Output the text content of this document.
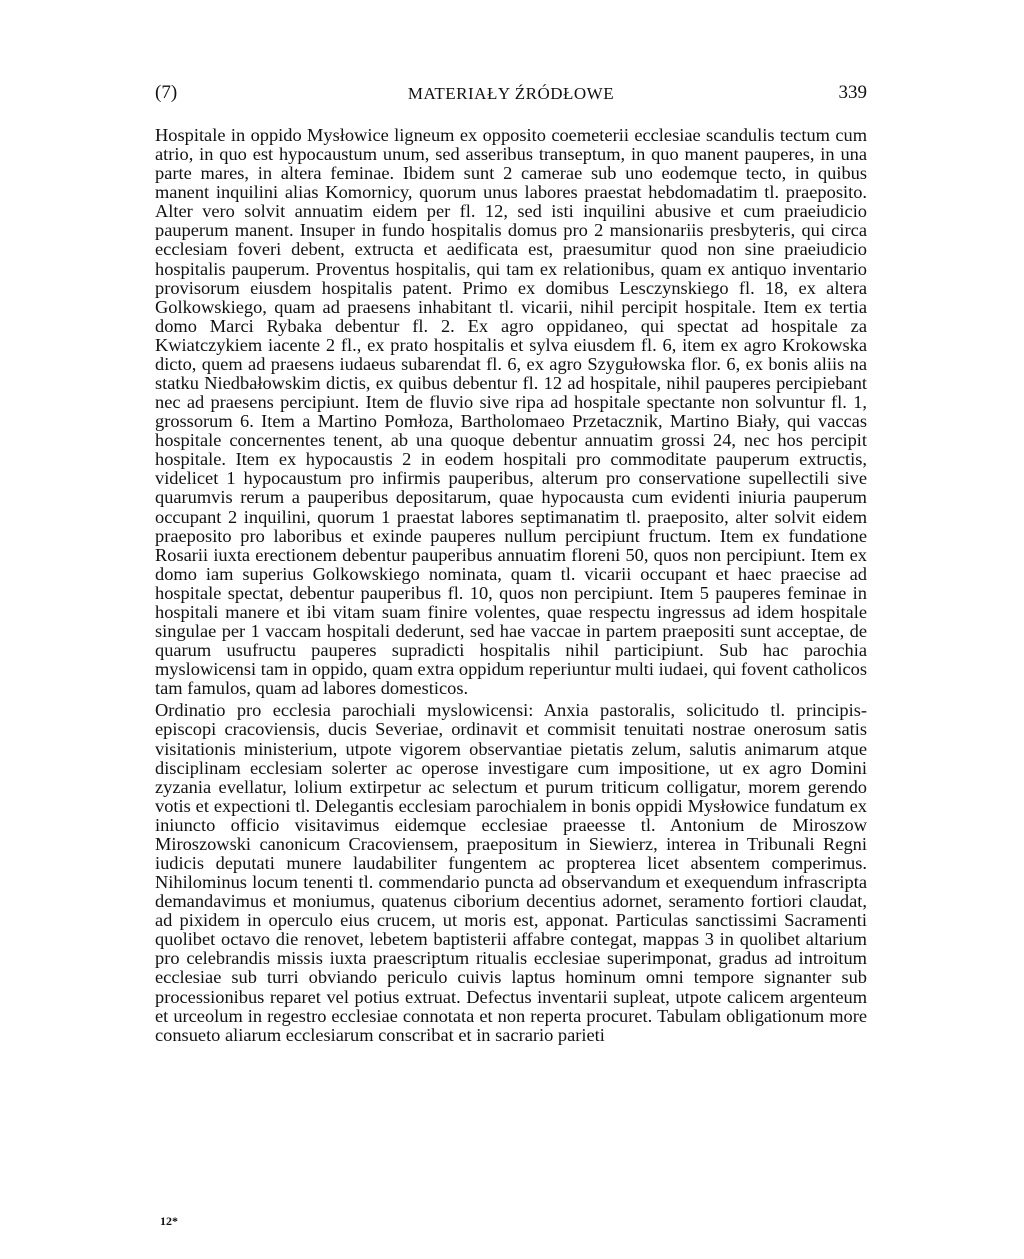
(7)	MATERIAŁY ŹRÓDŁOWE	339

Hospitale in oppido Mysłowice ligneum ex opposito coemeterii ecclesiae scandulis tectum cum atrio, in quo est hypocaustum unum, sed asseribus transeptum, in quo manent pauperes, in una parte mares, in altera feminae. Ibidem sunt 2 camerae sub uno eodemque tecto, in quibus manent inquilini alias Komornicy, quorum unus labores praestat hebdomadatim tl. praeposito. Alter vero solvit annuatim eidem per fl. 12, sed isti inquilini abusive et cum praeiudicio pauperum manent. Insuper in fundo hospitalis domus pro 2 mansionariis presbyteris, qui circa ecclesiam foveri debent, extructa et aedificata est, praesumitur quod non sine praeiudicio hospitalis pauperum. Proventus hospitalis, qui tam ex relationibus, quam ex antiquo inventario provisorum eiusdem hospitalis patent. Primo ex domibus Lesczynskiego fl. 18, ex altera Golkowskiego, quam ad praesens inhabitant tl. vicarii, nihil percipit hospitale. Item ex tertia domo Marci Rybaka debentur fl. 2. Ex agro oppidaneo, qui spectat ad hospitale za Kwiatczykiem iacente 2 fl., ex prato hospitalis et sylva eiusdem fl. 6, item ex agro Krokowska dicto, quem ad praesens iudaeus subarendat fl. 6, ex agro Szygułowska flor. 6, ex bonis aliis na statku Niedbałowskim dictis, ex quibus debentur fl. 12 ad hospitale, nihil pauperes percipiebant nec ad praesens percipiunt. Item de fluvio sive ripa ad hospitale spectante non solvuntur fl. 1, grossorum 6. Item a Martino Pomłoza, Bartholomaeo Przetacznik, Martino Biały, qui vaccas hospitale concernentes tenent, ab una quoque debentur annuatim grossi 24, nec hos percipit hospitale. Item ex hypocaustis 2 in eodem hospitali pro commoditate pauperum extructis, videlicet 1 hypocaustum pro infirmis pauperibus, alterum pro conservatione supellectili sive quarumvis rerum a pauperibus depositarum, quae hypocausta cum evidenti iniuria pauperum occupant 2 inquilini, quorum 1 praestat labores septimanatim tl. praeposito, alter solvit eidem praeposito pro laboribus et exinde pauperes nullum percipiunt fructum. Item ex fundatione Rosarii iuxta erectionem debentur pauperibus annuatim floreni 50, quos non percipiunt. Item ex domo iam superius Golkowskiego nominata, quam tl. vicarii occupant et haec praecise ad hospitale spectat, debentur pauperibus fl. 10, quos non percipiunt. Item 5 pauperes feminae in hospitali manere et ibi vitam suam finire volentes, quae respectu ingressus ad idem hospitale singulae per 1 vaccam hospitali dederunt, sed hae vaccae in partem praepositi sunt acceptae, de quarum usufructu pauperes supradicti hospitalis nihil participiunt. Sub hac parochia myslowicensi tam in oppido, quam extra oppidum reperiuntur multi iudaei, qui fovent catholicos tam famulos, quam ad labores domesticos.

Ordinatio pro ecclesia parochiali myslowicensi: Anxia pastoralis, solicitudo tl. principis-episcopi cracoviensis, ducis Severiae, ordinavit et commisit tenuitati nostrae onerosum satis visitationis ministerium, utpote vigorem observantiae pietatis zelum, salutis animarum atque disciplinam ecclesiam solerter ac operose investigare cum impositione, ut ex agro Domini zyzania evellatur, lolium extirpetur ac selectum et purum triticum colligatur, morem gerendo votis et expectioni tl. Delegantis ecclesiam parochialem in bonis oppidi Mysłowice fundatum ex iniuncto officio visitavimus eidemque ecclesiae praeesse tl. Antonium de Miroszow Miroszowski canonicum Cracoviensem, praepositum in Siewierz, interea in Tribunali Regni iudicis deputati munere laudabiliter fungentem ac propterea licet absentem comperimus. Nihilominus locum tenenti tl. commendario puncta ad observandum et exequendum infrascripta demandavimus et moniumus, quatenus ciborium decentius adornet, seramento fortiori claudat, ad pixidem in operculo eius crucem, ut moris est, apponat. Particulas sanctissimi Sacramenti quolibet octavo die renovet, lebetem baptisterii affabre contegat, mappas 3 in quolibet altarium pro celebrandis missis iuxta praescriptum ritualis ecclesiae superimponat, gradus ad introitum ecclesiae sub turri obviando periculo cuivis laptus hominum omni tempore signanter sub processionibus reparet vel potius extruat. Defectus inventarii supleat, utpote calicem argenteum et urceolum in regestro ecclesiae connotata et non reperta procuret. Tabulam obligationum more consueto aliarum ecclesiarum conscribat et in sacrario parieti

12*
